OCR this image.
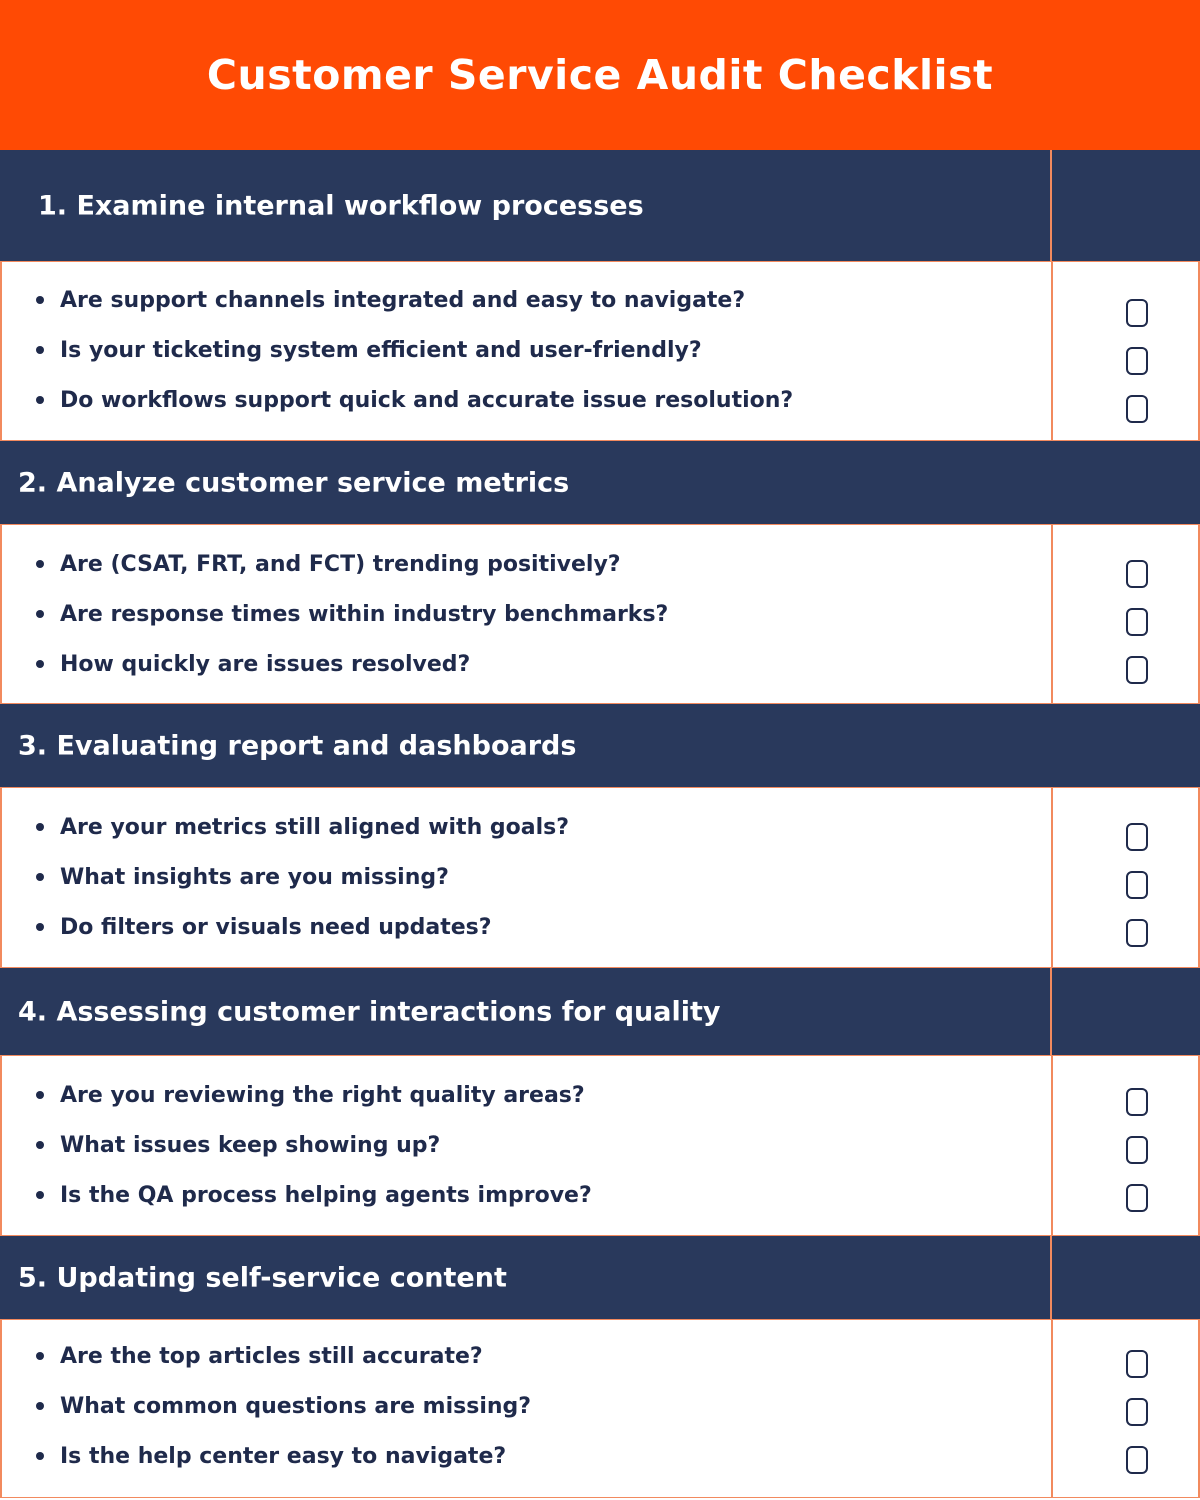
Customer Service Audit Checklist
1. Examine internal workflow processes
Are support channels integrated and easy to navigate?
Is your ticketing system efficient and user-friendly?
Do workflows support quick and accurate issue resolution?
2. Analyze customer service metrics
Are (CSAT, FRT, and FCT) trending positively?
Are response times within industry benchmarks?
How quickly are issues resolved?
3. Evaluating report and dashboards
Are your metrics still aligned with goals?
What insights are you missing?
Do filters or visuals need updates?
4. Assessing customer interactions for quality
Are you reviewing the right quality areas?
What issues keep showing up?
Is the QA process helping agents improve?
5. Updating self-service content
Are the top articles still accurate?
What common questions are missing?
Is the help center easy to navigate?
